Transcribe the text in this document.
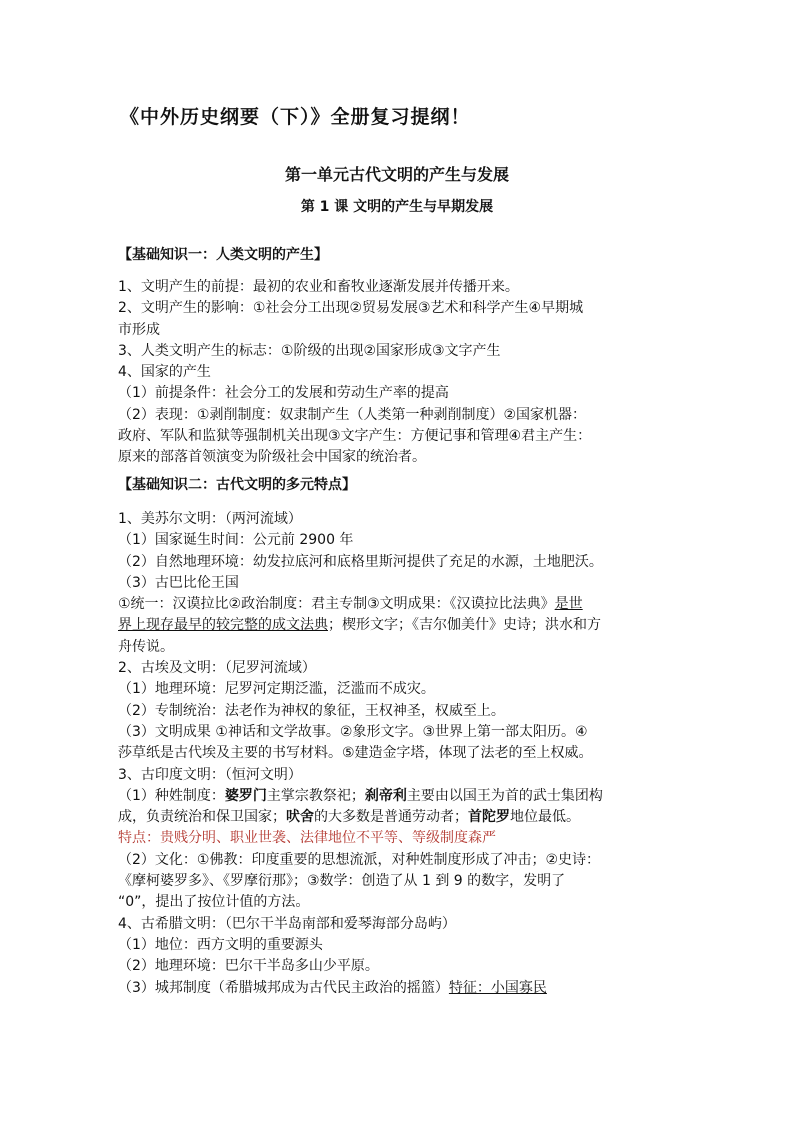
《中外历史纲要（下）》全册复习提纲！
第一单元古代文明的产生与发展
第 1 课 文明的产生与早期发展
【基础知识一：人类文明的产生】
1、文明产生的前提：最初的农业和畜牧业逐渐发展并传播开来。
2、文明产生的影响：①社会分工出现②贸易发展③艺术和科学产生④早期城
市形成
3、人类文明产生的标志：①阶级的出现②国家形成③文字产生
4、国家的产生
（1）前提条件：社会分工的发展和劳动生产率的提高
（2）表现：①剥削制度：奴隶制产生（人类第一种剥削制度）②国家机器：
政府、军队和监狱等强制机关出现③文字产生：方便记事和管理④君主产生：
原来的部落首领演变为阶级社会中国家的统治者。
【基础知识二：古代文明的多元特点】
1、美苏尔文明：（两河流域）
（1）国家诞生时间：公元前 2900 年
（2）自然地理环境：幼发拉底河和底格里斯河提供了充足的水源，土地肥沃。
（3）古巴比伦王国
①统一：汉谟拉比②政治制度：君主专制③文明成果：《汉谟拉比法典》是世
界上现存最早的较完整的成文法典；楔形文字；《吉尔伽美什》史诗；洪水和方
舟传说。
2、古埃及文明：（尼罗河流域）
（1）地理环境：尼罗河定期泛滥，泛滥而不成灾。
（2）专制统治：法老作为神权的象征，王权神圣，权威至上。
（3）文明成果 ①神话和文学故事。②象形文字。③世界上第一部太阳历。④
莎草纸是古代埃及主要的书写材料。⑤建造金字塔，体现了法老的至上权威。
3、古印度文明：（恒河文明）
（1）种姓制度：婆罗门主掌宗教祭祀；刹帝利主要由以国王为首的武士集团构
成，负责统治和保卫国家；吠舍的大多数是普通劳动者；首陀罗地位最低。
特点：贵贱分明、职业世袭、法律地位不平等、等级制度森严
（2）文化：①佛教：印度重要的思想流派，对种姓制度形成了冲击；②史诗：
《摩柯婆罗多》、《罗摩衍那》；③数学：创造了从 1 到 9 的数字，发明了
“0”，提出了按位计值的方法。
4、古希腊文明：（巴尔干半岛南部和爱琴海部分岛屿）
（1）地位：西方文明的重要源头
（2）地理环境：巴尔干半岛多山少平原。
（3）城邦制度（希腊城邦成为古代民主政治的摇篮）特征：小国寡民
